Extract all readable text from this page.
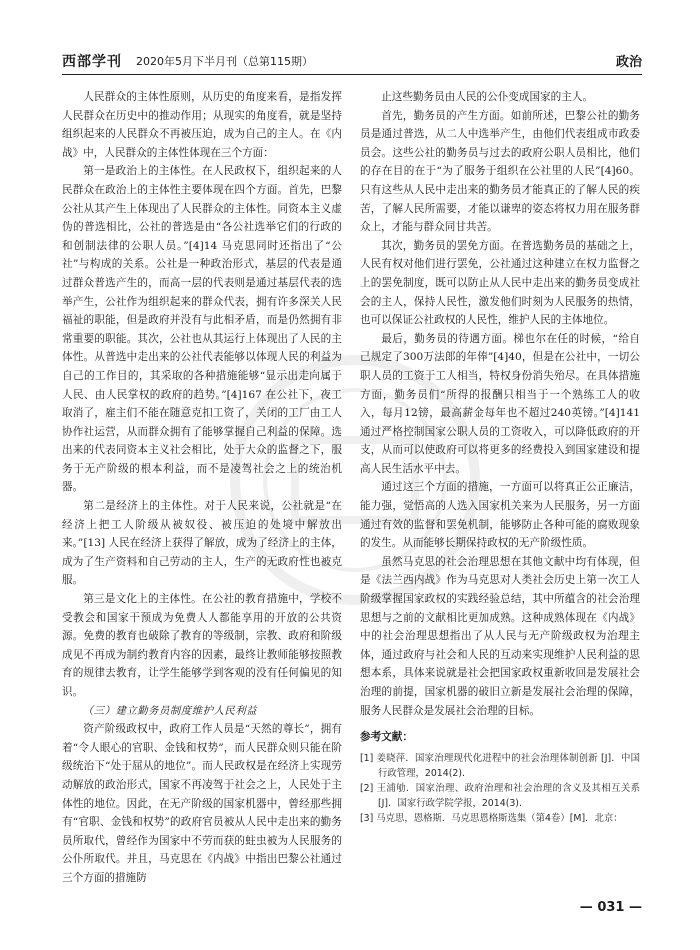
西部学刊 2020年5月下半月刊（总第115期）	政治

人民群众的主体性原则，从历史的角度来看，是指发挥人民群众在历史中的推动作用；从现实的角度看，就是坚持组织起来的人民群众不再被压迫，成为自己的主人。在《内战》中，人民群众的主体性体现在三个方面：

第一是政治上的主体性。在人民政权下，组织起来的人民群众在政治上的主体性主要体现在四个方面。首先，巴黎公社从其产生上体现出了人民群众的主体性。同资本主义虚伪的普选相比，公社的普选是由“各公社选举它们的行政的和创制法律的公职人员。”[4]14 马克思同时还指出了“公社”与构成的关系。公社是一种政治形式，基层的代表是通过群众普选产生的，而高一层的代表则是通过基层代表的选举产生，公社作为组织起来的群众代表，拥有许多深关人民福祉的职能，但是政府并没有与此相矛盾，而是仍然拥有非常重要的职能。其次，公社也从其运行上体现出了人民的主体性。从普选中走出来的公社代表能够以体现人民的利益为自己的工作目的，其采取的各种措施能够“显示出走向属于人民、由人民掌权的政府的趋势。”[4]167 在公社下，夜工取消了，雇主们不能在随意克扣工资了，关闭的工厂由工人协作社运营，从而群众拥有了能够掌握自己利益的保障。选出来的代表同资本主义社会相比，处于大众的监督之下，服务于无产阶级的根本利益，而不是凌驾社会之上的统治机器。

第二是经济上的主体性。对于人民来说，公社就是“在经济上把工人阶级从被奴役、被压迫的处境中解放出来。”[13] 人民在经济上获得了解放，成为了经济上的主体，成为了生产资料和自己劳动的主人，生产的无政府性也被克服。

第三是文化上的主体性。在公社的教育措施中，学校不受教会和国家干预成为免费人人都能享用的开放的公共资源。免费的教育也破除了教育的等级制，宗教、政府和阶级成见不再成为制约教育内容的因素，最终让教师能够按照教育的规律去教育，让学生能够学到客观的没有任何偏见的知识。

（三）建立勤务员制度维护人民利益

资产阶级政权中，政府工作人员是“天然的尊长”，拥有着“令人眼心的官职、金钱和权势”，而人民群众则只能在阶级统治下“处于屈从的地位”。而人民政权是在经济上实现劳动解放的政治形式，国家不再凌驾于社会之上，人民处于主体性的地位。因此，在无产阶级的国家机器中，曾经那些拥有“官职、金钱和权势”的政府官员被从人民中走出来的勤务员所取代，曾经作为国家中不劳而获的蛀虫被为人民服务的公仆所取代。并且，马克思在《内战》中指出巴黎公社通过三个方面的措施防

止这些勤务员由人民的公仆变成国家的主人。

首先，勤务员的产生方面。如前所述，巴黎公社的勤务员是通过普选，从二人中选举产生，由他们代表组成市政委员会。这些公社的勤务员与过去的政府公职人员相比，他们的存在目的在于“为了服务于组织在公社里的人民”[4]60。只有这些从人民中走出来的勤务员才能真正的了解人民的疾苦，了解人民所需要，才能以谦卑的姿态将权力用在服务群众上，才能与群众同甘共苦。

其次，勤务员的罢免方面。在普选勤务员的基础之上，人民有权对他们进行罢免，公社通过这种建立在权力监督之上的罢免制度，既可以防止从人民中走出来的勤务员变成社会的主人，保持人民性，激发他们时刻为人民服务的热情，也可以保证公社政权的人民性，维护人民的主体地位。

最后，勤务员的待遇方面。梯也尔在任的时候，“给自己规定了300万法郎的年俸”[4]40，但是在公社中，一切公职人员的工资于工人相当，特权身份消失殆尽。在具体措施方面，勤务员们“所得的报酬只相当于一个熟练工人的收入，每月12镑，最高薪金每年也不超过240英镑。”[4]141 通过严格控制国家公职人员的工资收入，可以降低政府的开支，从而可以使政府可以将更多的经费投入到国家建设和提高人民生活水平中去。

通过这三个方面的措施，一方面可以将真正公正廉洁，能力强，觉悟高的人选入国家机关来为人民服务，另一方面通过有效的监督和罢免机制，能够防止各种可能的腐败现象的发生。从而能够长期保持政权的无产阶级性质。

虽然马克思的社会治理思想在其他文献中均有体现，但是《法兰西内战》作为马克思对人类社会历史上第一次工人阶级掌握国家政权的实践经验总结，其中所蕴含的社会治理思想与之前的文献相比更加成熟。这种成熟体现在《内战》中的社会治理思想指出了从人民与无产阶级政权为治理主体，通过政府与社会和人民的互动来实现维护人民利益的思想本系，具体来说就是社会把国家政权重新收回是发展社会治理的前提，国家机器的破旧立新是发展社会治理的保障，服务人民群众是发展社会治理的目标。

参考文献：
[1] 姜晓萍．国家治理现代化进程中的社会治理体制创新 [J]．中国行政管理，2014(2).
[2] 王浦劬．国家治理、政府治理和社会治理的含义及其相互关系 [J]．国家行政学院学报，2014(3).
[3] 马克思，恩格斯．马克思恩格斯选集（第4卷）[M]．北京：
— 031 —
